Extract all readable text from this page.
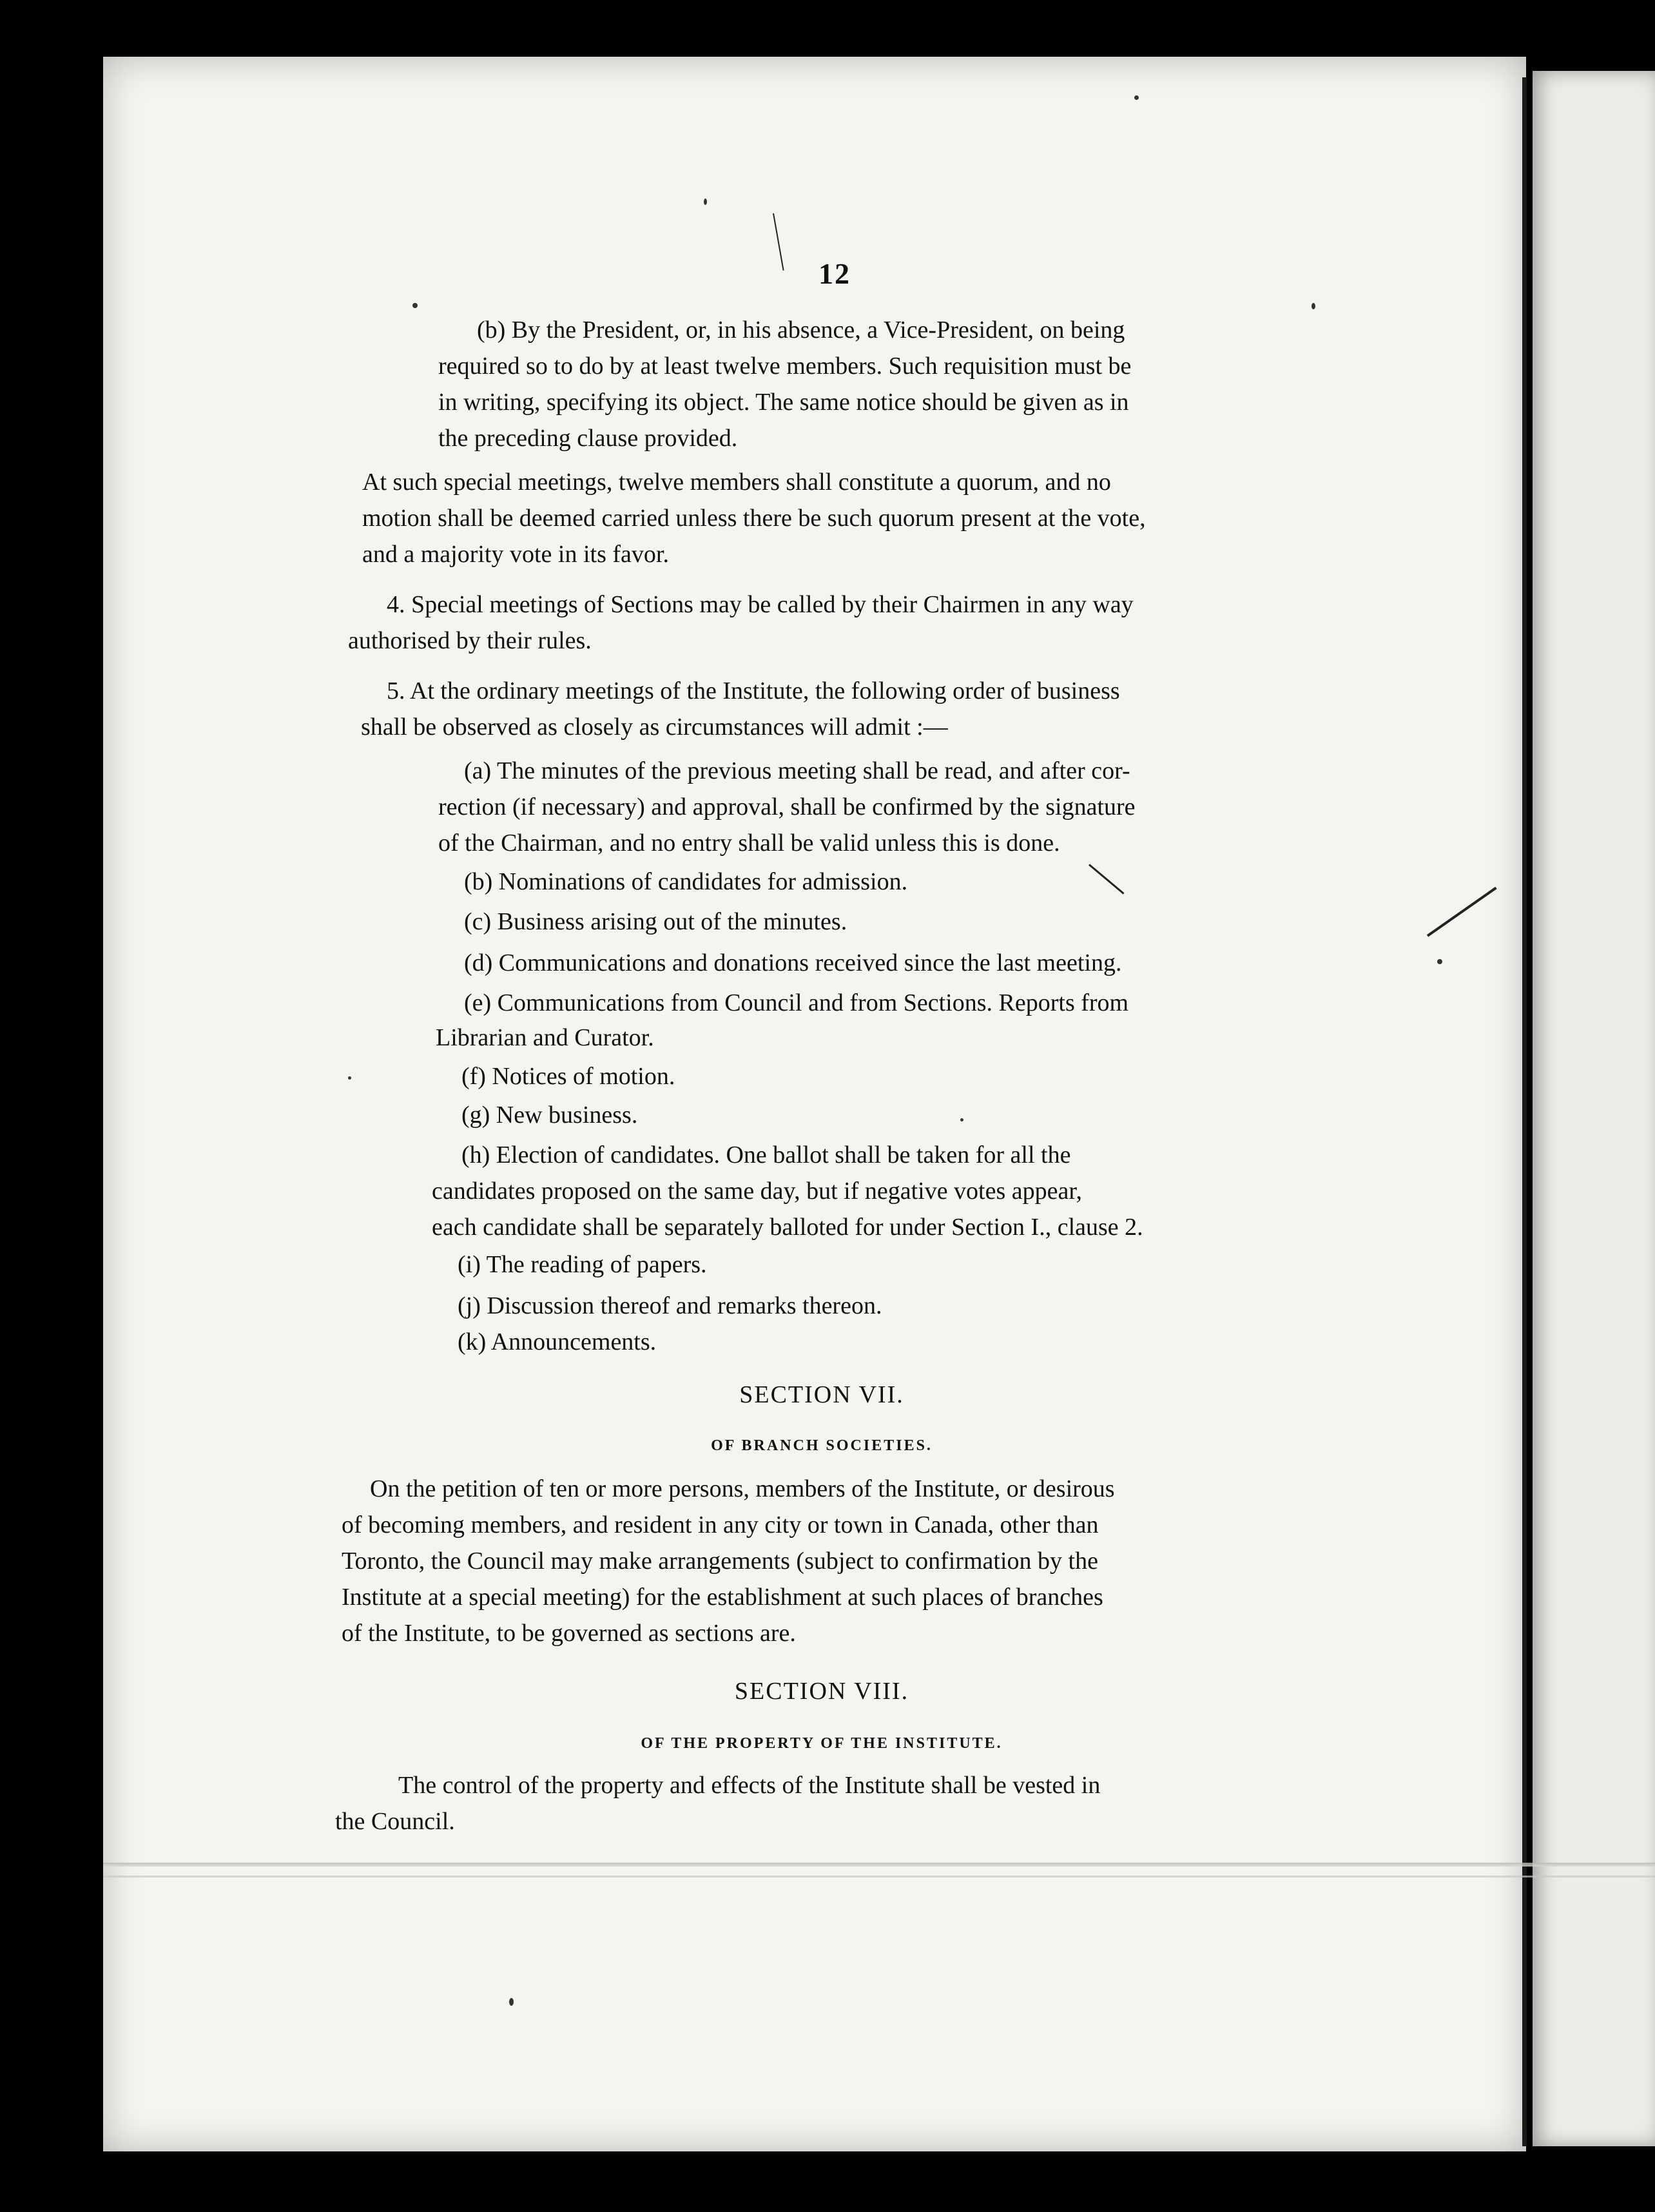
12
(b) By the President, or, in his absence, a Vice-President, on being
required so to do by at least twelve members. Such requisition must be
in writing, specifying its object. The same notice should be given as in
the preceding clause provided.
At such special meetings, twelve members shall constitute a quorum, and no
motion shall be deemed carried unless there be such quorum present at the vote,
and a majority vote in its favor.
4. Special meetings of Sections may be called by their Chairmen in any way
authorised by their rules.
5. At the ordinary meetings of the Institute, the following order of business
shall be observed as closely as circumstances will admit :—
(a) The minutes of the previous meeting shall be read, and after cor-
rection (if necessary) and approval, shall be confirmed by the signature
of the Chairman, and no entry shall be valid unless this is done.
(b) Nominations of candidates for admission.
(c) Business arising out of the minutes.
(d) Communications and donations received since the last meeting.
(e) Communications from Council and from Sections. Reports from
Librarian and Curator.
(f) Notices of motion.
(g) New business.
(h) Election of candidates. One ballot shall be taken for all the
candidates proposed on the same day, but if negative votes appear,
each candidate shall be separately balloted for under Section I., clause 2.
(i) The reading of papers.
(j) Discussion thereof and remarks thereon.
(k) Announcements.
SECTION VII.
OF BRANCH SOCIETIES.
On the petition of ten or more persons, members of the Institute, or desirous
of becoming members, and resident in any city or town in Canada, other than
Toronto, the Council may make arrangements (subject to confirmation by the
Institute at a special meeting) for the establishment at such places of branches
of the Institute, to be governed as sections are.
SECTION VIII.
OF THE PROPERTY OF THE INSTITUTE.
The control of the property and effects of the Institute shall be vested in
the Council.
